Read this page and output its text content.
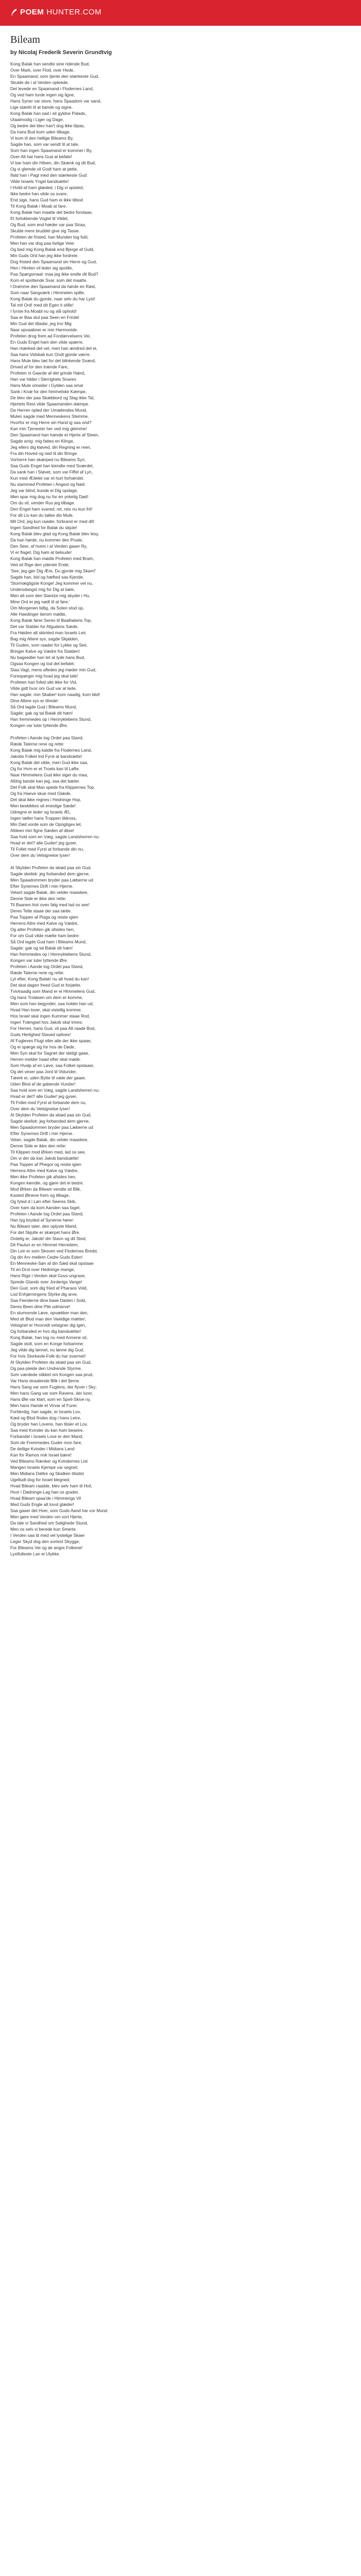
POEM HUNTER.COM
Bileam
by Nicolaj Frederik Severin Grundtvig
Kong Balak han sendte sine ridende Bud,
Over Mark, over Flod, over Hede,
En Spaamand, som tjente den stærkeste Gud,
Skulde de i al Verden opleede.
Det levede en Spaamand i Flodernes Land,
Og ved ham turde ingen sig ligne,
Hans Syner var store, hans Spaadom var sand,
Lige stærkt til at bande og signe.
Kong Balak han sad i sit gyldne Palads,
Utaalmodig i Liger og Dage,
Og bedre det blev han't dog ikke tilpas,
Da hans Bud kom uden tilbage.
Vi kom til den hellige Bileams By,
Sagde han, som var sendt til at tale,
Som han ingen Spaamand er kommet i By,
Over Alt har hans Gud at befale!
Vi bar ham din Hilsen, din Skænk og dit Bud,
Og vi glemde vil Godt ham at jætte,
Ifald han i Pagt med den stærkeste Gud
Vilde Israels Yngel bandsætte!
I Hvild af ham glæded, i Dig vi spisted,
Ikke bedre han vilde os svare,
End sige, hans Gud ham ei ikke tilbod
Til Kong Balak i Moab at fare.
Kong Balak han maatte det bedre forstaae,
Et forlokkende Vogtel til Vildet,
Og Bud, som end hæder var paa Straa,
Skulde mere bruddet give sig Tasse.
Profeten de fristed, han Munden tog fuld,
Men han var dog paa farlige Veie:
Og bad mig Kong Balak end Bjerge af Guld,
Min Guds Ord han jeg ikke fordreie.
Dog fristed den Spaamand sin Herre og Gud,
Hen i Himlen vil leder sig spottle,
Paa Spørgsmaal: maa jeg ikke endte dit Bud?
Kom et spottende Svar, som det maatte.
I Drømme den Spaamand da hørde en Røst,
Som naar Sangværk i Himmelen spille,
Kong Balak du gjorde, naar selv du har Lyst!
Tal mit Ord! med dit Egen ti stille!
I fyrste fra Moabl nu og slå ophold!
Saa er Baa stul paa Seen en Frirdel
Min Gud det tilladar, jeg tror Mig
Naar opvaabner er min Harmonide.
Profeten drog frem ad Fordærvelsens Vei,
En Guds Engel ham den vilde spærre,
Han mærked det vel, men han ændred det ei,
Saa hans Vidskab kun Ondt gjorde værre.
Hans Mule blev tæt for det blinkende Sværd,
Drived af for den trænde Fare,
Profeten ni Gaarde af det grinde Hærd,
Han var hilder i Slerrighels Snaren.
Hans Mule omsider i Gylden saa smal
Sank i Knæ for den himmelske Kæmpe,
De blev der paa Skæbbord og Slag ikke Tal,
Hjertets Rest vilde Spaamanden dæmpe.
Da Herren opled der Umælendes Mund,
Mulen sagde med Menneskens Stemme,
Hvorfor er mig Herre sin Hand ig saa ond?
Kan min Tjenester her ved mig glemme!
Den Spaamand han hævde et Hjerte af Steen,
Sagde arrig: mig fattes en Klinge,
Jeg ellers dig kløved, din Regning er reen,
Fra din Hoved og ned til din Bringe.
Vorherre han skærped nu Bileams Syn,
Saa Guds Engel han kiendte med Sværdet,
Da sank han i Støvet, som var Fiffel af Lyn,
Kun med Ædelet var et hurt forhærdet.
Nu stammed Profeten i Angest og Nød:
Jeg var blind, kunde ei Dig opdage,
Men spar mig dog nu for en ynkelig Død!
Om du vil, vender Rus jeg tilbage.
Den Engel ham svared: ret, reis nu kun frit!
For dit Liv kan du takke din Mule.
Mit Ord, jeg kun raader, forbrand er med dit!
Ingen Sandhed for Balak du skjule!
Kong Balak blev glad og Kong Balak blev lesy,
Da han hørde, nu kommer den Prude,
Den Seer, af hvem i al Verden gaaer Ry,
Vi er flaget, Dig ham at belsude!
Kong Balak han mødte Profeten med Bram,
Ved sit Rige den yderste Ende,
'See, jeg gjer Dig Ære, Du gjorde mig Skam!'
Sagde han, bid og hæfted saa Kjende.
'Stormægtigste Konge! Jeg kommer vel nu,
Undersdangst mig for Dig at bøie,
Men alt som den Stantze mig skyder i Hu,
Mine Ord er jeg nødt til at føre.'
Om Morgenen tidlig, da Solen stod op,
Alle Haedinger tierom mødte,
Kong Balak fører Seren til Baalhøiens Top,
Det var Stalder for Afgudens Sæde.
Fra Høiden alt skimted man Israels Leir,
Bag mig Altere syv, sagde Skjalden,
Til Guden, som raader for Lykke og Seir,
Bringer Kalve og Vædre fra Stalden!
Nu bagsedler han tet at lyde hans Bud,
Ogsaa Kongen og tod det befalet:
Staa Vagt, mens afledes jeg møder min Gud,
Forespørger mig hvad jeg skal tale!
Profeten han fofed sikt ikke for Vid,
Vilde gidt hvor om Gud var at lede,
Han sagde: min Skaber! kom naadig, kom blid!
Dine Altere syv er tilrede!
Så Ord lagde Gud i Bileams Mund,
Sagde: gak og tal Balak dit hæn!
Han fremmedes op i Hennyklebens Stund,
Kongen var luter lyttende Øre.
Profeten i Aande tog Ordet paa Stand,
Ræde Talerne rene og rette:
Kong Balak mig kaldte fra Flodernes Land,
Jakobs Folket ind Fyrsl at bandsætte!
Kong Balak det vilde, men Gud ikke saa,
Og for Hvm er et Troels kan til Løfte.
Naar Himmelens Gud ikke siger du maa,
Afdrig bande kan jeg, saa det bæter.
Det Folk skal Man spede fra Klippernes Top,
Og fra Haeve skue med Glæde,
Det skal ikke regnes i Hedninge Hop,
Men beskikkes sit eneslige Sæde!
Udregne er leder og Israels Æt,
Ingen tæller hans Troppen tildross,
Min Død vorde som de Oprigtiges let,
Afdeen min figne Sæden af dtise!
Saa hvid som en Væg, sagde Landsherren nu:
Hvad er det? alle Guder! jeg gyser,
Til Follet med Fyrsl at forbande din nu,
Over dem du Velsignelse lyser!
Al Skylden Profeten da skiød paa sin Gud,
Sagde skelisk: jeg forbanded dem gjerne,
Men Spaadommen bryder paa Læberne ud
Efter Synernes Drift i min Hjerne.
Velant sagde Balak, din velder maaskee,
Denne Side er ikke den rette:
Til Baanen hist oven følg med lad os see!
Deres Telte staae der saa tætte.
Paa Toppen af Pisga og reiste igien
Herrens Altre med Kalve og Vædre,
Og atter Profeten gik afsides hen,
For om Gud vilde mælte ham bedre:
Så Ord lagde Gud ham i Bileams Mund,
Sagde: gak og tal Balak dit hæn!
Han fremmedes op i Hennyklebens Stund,
Kongen var luter lyttende Øre.
Profeten i Aande tog Ordet paa Stand,
Ræde Talerne rene og rette:
Lyt efter, Kong Balak! nu alt hvad du kan!
Det skal dagen freed Gud et forjætte.
Tvivlraadig som Mand er ei Himmelens Gud,
Og hans Troløsen om dem er komme,
Men som han begynder, saa holder han ud,
Hvad Han lover, skal vistellig komme.
Hos Israel skal ingen Kummer staae Rod,
Ingen Trængsel hos Jakob skal trives;
For Herren, hans Gud, vil paa Alt raade Bod,
Guds Herlighed Staved oplives!
Af Fugleves Flugt eller alle der ikke spaae,
Og ei spørge sig for hos de Døde,
Men Syn skal for Sagnet der ideligt gaae,
Herren melder haad efter skal møde.
Som Hvalp af en Løve, saa Folket opstaaer,
Og det vexer paa Jord til Vidunder,
Tæerk ei, uden Bytte til væle der gaaer,
Uden Blod af de gabende Vunder!
Saa hvid som en Væg, sagde Landsherren nu:
Hvad er det? alle Guder! jeg gyser,
Til Follet med Fyrsl at forbande dem nu,
Over dem du Velsignelse lyser!
Al Skylden Profeten da skiød paa sin Gud,
Sagde skelisk: jeg forbanded dem gjerne,
Men Spaadommen bryder paa Læberne ud
Efter Synernes Drift i min Hjerne.
Velan, sagde Balak, din velder maaskee,
Denne Side er ikke den rette:
Til Klippen mod Ørken med, lad os see,
Om vi der da kan Jakob bandsætte!
Paa Toppen af Phegor og reiste igien
Herrens Altre med Kalve og Vædre,
Men ikke Profeten gik afsides hen,
Kongen kiendte, og gjøre det ei bedre.
Mod Ørken da Bileam vendte sit Blik,
Kasted Øinene frem og tilbage,
Og fyted d i Løn efter Seeres Skik,
Over ham da kom Aanden saa faget.
Profeten i Aande tog Ordet paa Stand,
Han lyg bryded af Synerne hører:
Nu Bileam taler, den oplyste Mand,
For det Skjulte er skærpet hans Øre.
Ordelig er, Jakob! din Stavn og dit Sted,
Dit Paulun er en Himmel Herredem,
Din Leir er som Skoven ved Flodernes Bredd,
Og din Arv mellem Cedre Guds Eden!
En Menneske-Søn af din Sæd skal opstaae
Til en Drot over Hedninge mange,
Hans Rige i Verden skal Guvs ungrase,
Sprede Glands over Jorderigs Vange!
Den Gud, som dig fried af Pharaos Vold,
Lod Enhjørningens Styrke dig arve,
Saa Fienderne dine baae Døden i Sold,
Deres Been dine Pile udmarve!
En slumrende Løve, opvækker man den,
Med sit Blod man den Vaeldige mætter;
Velsignet er Hvorvidt velsigner dig igen,
Og forbanded er hvo dig bandsætter!
Kong Balak, han tog nu med Armene sit,
Sagde stolt, som en Konge forbamme:
Jeg vilde dig lønnet, nu lønne dig Gud,
For hvis Storkavle-Folk du har svarmet!
Al Skylden Profeten da skiød paa sin Gud,
Og paa pleide den Undrende Styrme,
Som værdede stikket om Kongen saa prud,
Var Hans straalende Blik i det fjerne.
Hans Sang var som Fuglens, der flyver i Sky;
Men hans Gang var som Ravens, der lurer,
Hans Øie var klart, som en Speil-Skive ny,
Men hans Hande et Virvar af Furer.
Forfærdig, han sagde, er Israels Lov,
Kæd og Blod findes dog i hans Leire,
Og bryder han Lovens, han tilsier et Lov,
Saa med Kvinder du kan ham beseire.
Forbandet i Israels Love er den Mand,
Som de Fremmedes Guder mon fare;
De deilige Kvinder i Midians Land
Kan for Ramos nok Israel bære!
Ved Bileams Rænker og Kvindernes List
Mangen Israels Kjempe var segnet;
Men Midians Døttre og Skalken tilsidst
Ugelludt dog for Israel blegned.
Hvad Bileam raadde, blev selv ham til Hvil,
Hvor i Dødninge-Lag han os grader,
Hvad Bileam spaa'de i Himmerigs Vil
Med Guds Engle alt lovst glæder!
Saa gaaer det Hver, som Guds Aand har vor Mund
Men gøre med Verden om vort Hjerte,
Da tale vi Sandhed om Salighede Stund,
Men os selv vi berede kun Smerte.
I Verden saa tit med vel lystelige Skaer
Leger Skyd dog den sortest Skygge;
For Bileams Vei og de angre Folkene!
Lystfulleste Lan ei Ulykke.
